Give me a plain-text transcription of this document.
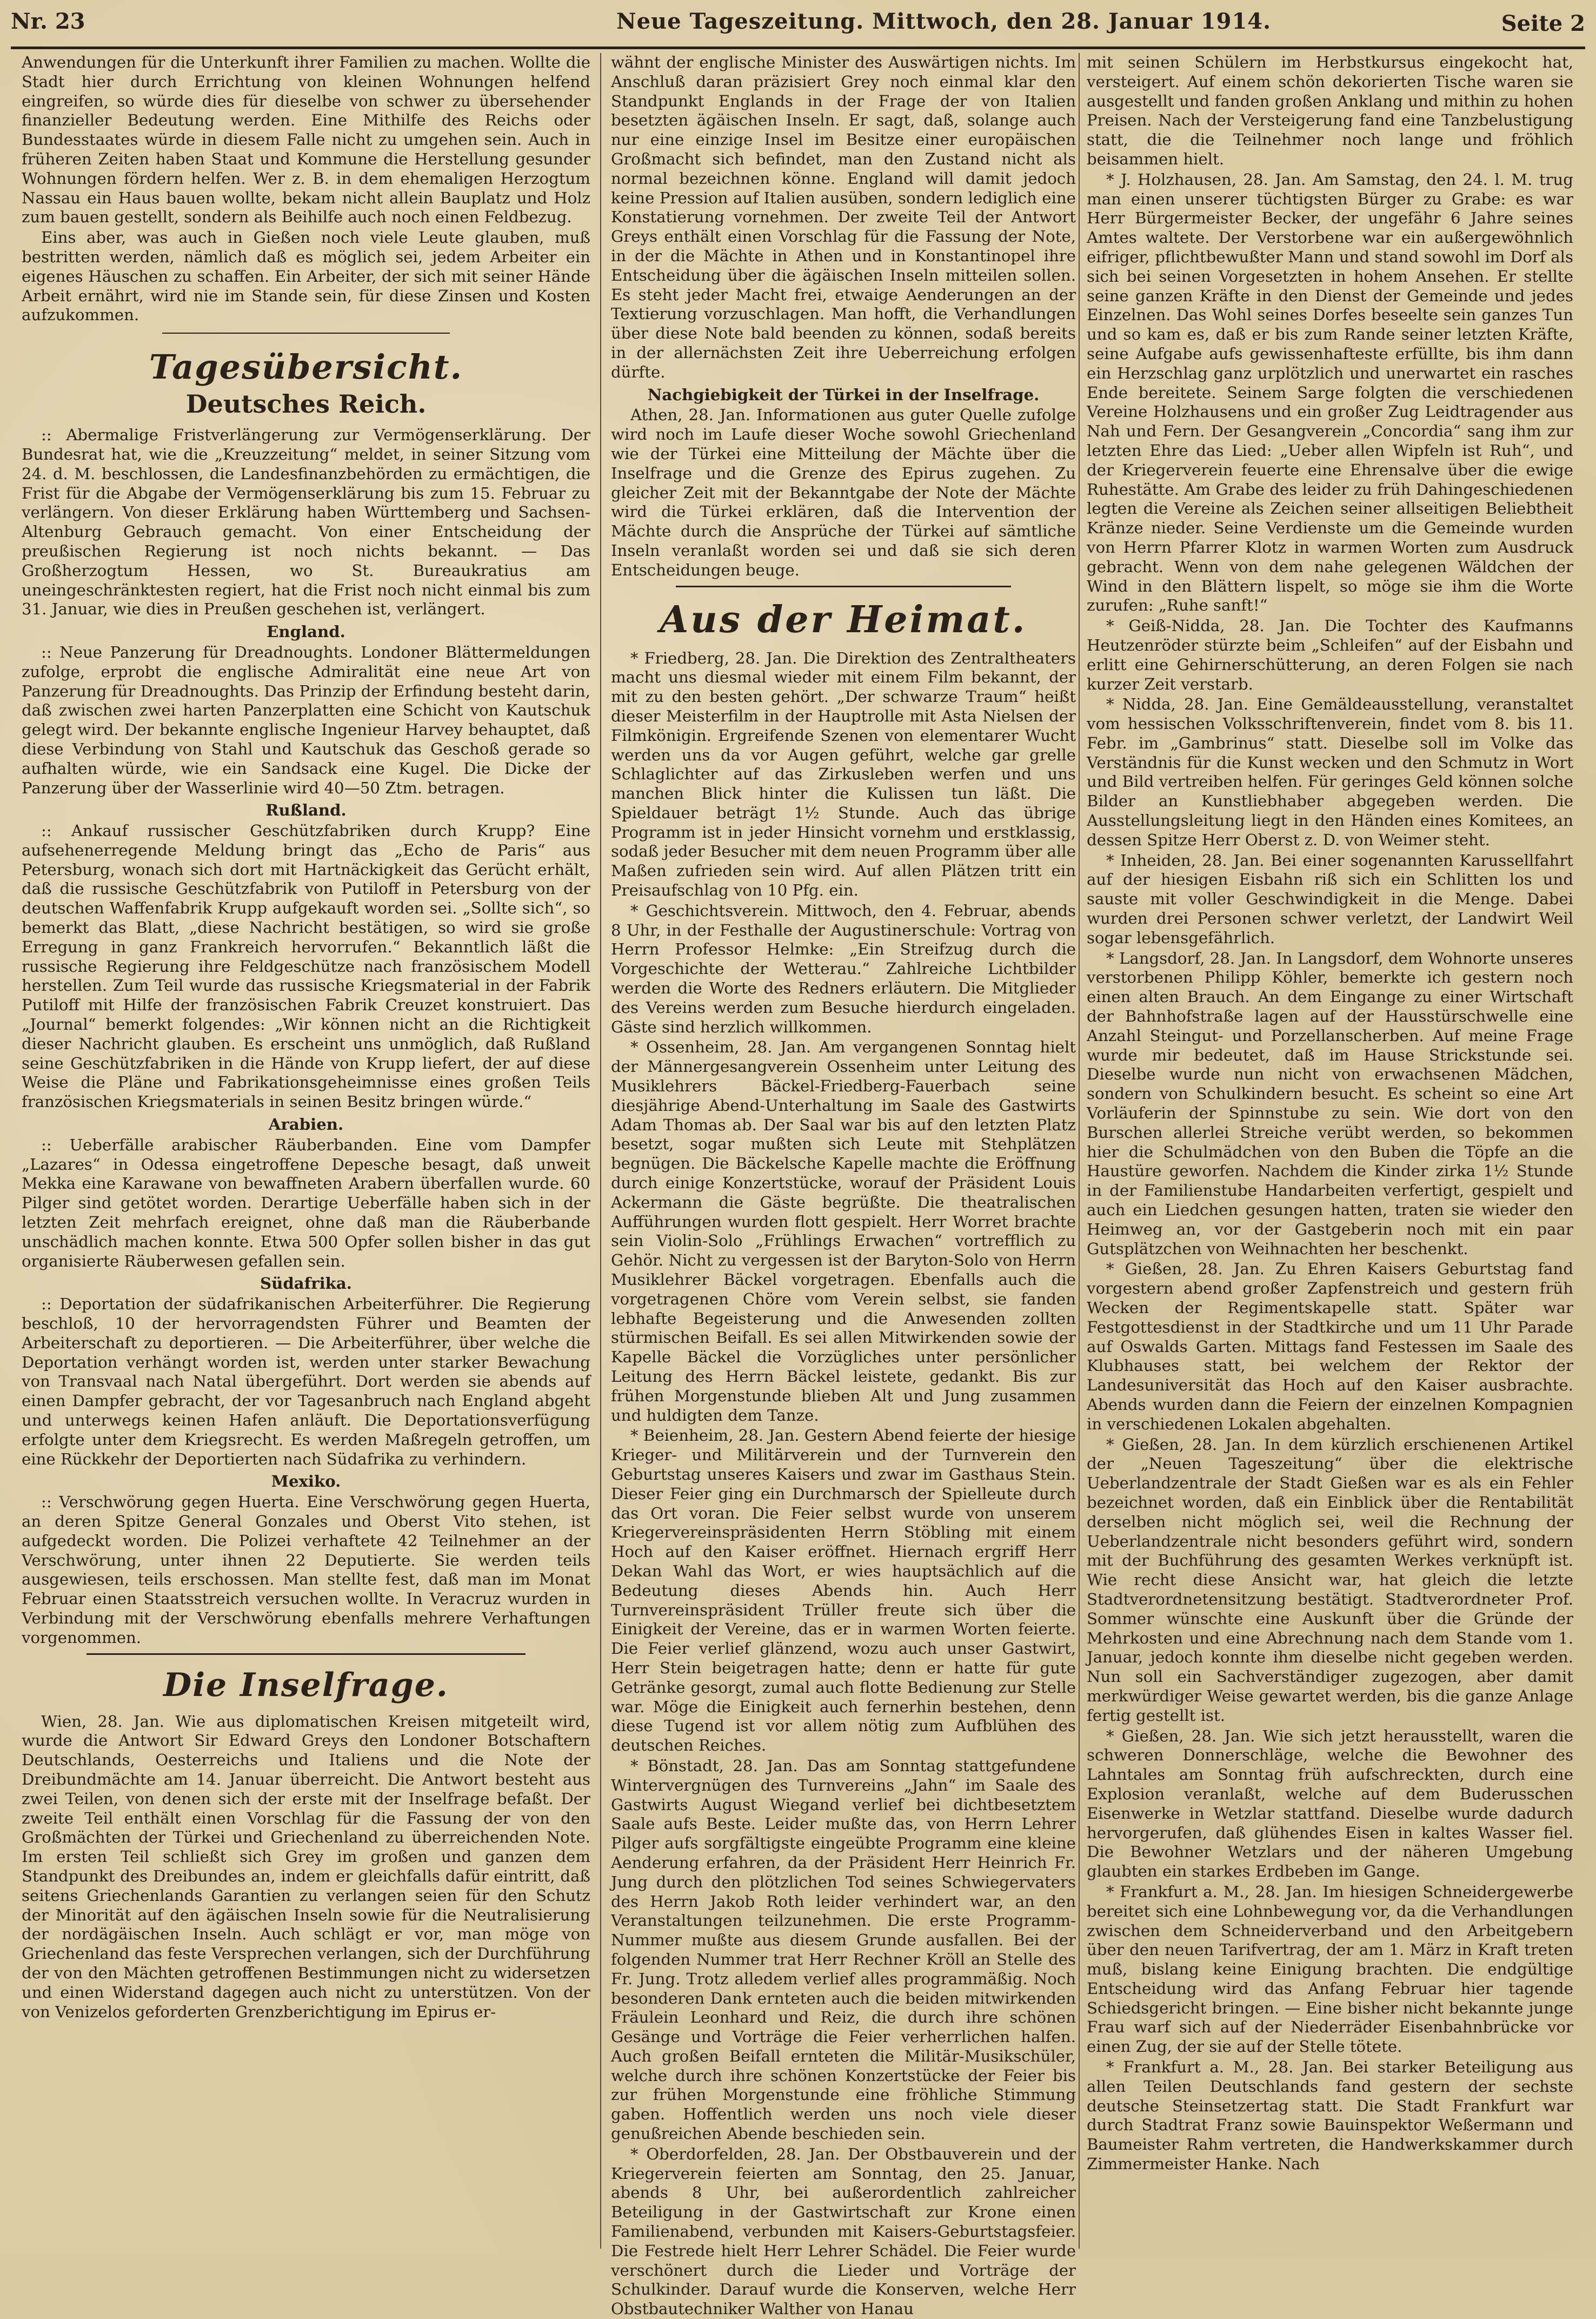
Nr. 23	Neue Tageszeitung. Mittwoch, den 28. Januar 1914.	Seite 2

Anwendungen für die Unterkunft ihrer Familien zu machen. Wollte die Stadt hier durch Errichtung von kleinen Wohnungen helfend eingreifen, so würde dies für dieselbe von schwer zu übersehender finanzieller Bedeutung werden. Eine Mithilfe des Reichs oder Bundesstaates würde in diesem Falle nicht zu umgehen sein. Auch in früheren Zeiten haben Staat und Kommune die Herstellung gesunder Wohnungen fördern helfen. Wer z. B. in dem ehemaligen Herzogtum Nassau ein Haus bauen wollte, bekam nicht allein Bauplatz und Holz zum bauen gestellt, sondern als Beihilfe auch noch einen Feldbezug.

Eins aber, was auch in Gießen noch viele Leute glauben, muß bestritten werden, nämlich daß es möglich sei, jedem Arbeiter ein eigenes Häuschen zu schaffen. Ein Arbeiter, der sich mit seiner Hände Arbeit ernährt, wird nie im Stande sein, für diese Zinsen und Kosten aufzukommen.

Tagesübersicht.
Deutsches Reich.

:: Abermalige Fristverlängerung zur Vermögenserklärung. Der Bundesrat hat, wie die „Kreuzzeitung“ meldet, in seiner Sitzung vom 24. d. M. beschlossen, die Landesfinanzbehörden zu ermächtigen, die Frist für die Abgabe der Vermögenserklärung bis zum 15. Februar zu verlängern. Von dieser Erklärung haben Württemberg und Sachsen-Altenburg Gebrauch gemacht. Von einer Entscheidung der preußischen Regierung ist noch nichts bekannt. — Das Großherzogtum Hessen, wo St. Bureaukratius am uneingeschränktesten regiert, hat die Frist noch nicht einmal bis zum 31. Januar, wie dies in Preußen geschehen ist, verlängert.

England.

:: Neue Panzerung für Dreadnoughts. Londoner Blättermeldungen zufolge, erprobt die englische Admiralität eine neue Art von Panzerung für Dreadnoughts. Das Prinzip der Erfindung besteht darin, daß zwischen zwei harten Panzerplatten eine Schicht von Kautschuk gelegt wird. Der bekannte englische Ingenieur Harvey behauptet, daß diese Verbindung von Stahl und Kautschuk das Geschoß gerade so aufhalten würde, wie ein Sandsack eine Kugel. Die Dicke der Panzerung über der Wasserlinie wird 40—50 Ztm. betragen.

Rußland.

:: Ankauf russischer Geschützfabriken durch Krupp? Eine aufsehenerregende Meldung bringt das „Echo de Paris“ aus Petersburg, wonach sich dort mit Hartnäckigkeit das Gerücht erhält, daß die russische Geschützfabrik von Putiloff in Petersburg von der deutschen Waffenfabrik Krupp aufgekauft worden sei. „Sollte sich“, so bemerkt das Blatt, „diese Nachricht bestätigen, so wird sie große Erregung in ganz Frankreich hervorrufen.“ Bekanntlich läßt die russische Regierung ihre Feldgeschütze nach französischem Modell herstellen. Zum Teil wurde das russische Kriegsmaterial in der Fabrik Putiloff mit Hilfe der französischen Fabrik Creuzet konstruiert. Das „Journal“ bemerkt folgendes: „Wir können nicht an die Richtigkeit dieser Nachricht glauben. Es erscheint uns unmöglich, daß Rußland seine Geschützfabriken in die Hände von Krupp liefert, der auf diese Weise die Pläne und Fabrikationsgeheimnisse eines großen Teils französischen Kriegsmaterials in seinen Besitz bringen würde.“

Arabien.

:: Ueberfälle arabischer Räuberbanden. Eine vom Dampfer „Lazares“ in Odessa eingetroffene Depesche besagt, daß unweit Mekka eine Karawane von bewaffneten Arabern überfallen wurde. 60 Pilger sind getötet worden. Derartige Ueberfälle haben sich in der letzten Zeit mehrfach ereignet, ohne daß man die Räuberbande unschädlich machen konnte. Etwa 500 Opfer sollen bisher in das gut organisierte Räuberwesen gefallen sein.

Südafrika.

:: Deportation der südafrikanischen Arbeiterführer. Die Regierung beschloß, 10 der hervorragendsten Führer und Beamten der Arbeiterschaft zu deportieren. — Die Arbeiterführer, über welche die Deportation verhängt worden ist, werden unter starker Bewachung von Transvaal nach Natal übergeführt. Dort werden sie abends auf einen Dampfer gebracht, der vor Tagesanbruch nach England abgeht und unterwegs keinen Hafen anläuft. Die Deportationsverfügung erfolgte unter dem Kriegsrecht. Es werden Maßregeln getroffen, um eine Rückkehr der Deportierten nach Südafrika zu verhindern.

Mexiko.

:: Verschwörung gegen Huerta. Eine Verschwörung gegen Huerta, an deren Spitze General Gonzales und Oberst Vito stehen, ist aufgedeckt worden. Die Polizei verhaftete 42 Teilnehmer an der Verschwörung, unter ihnen 22 Deputierte. Sie werden teils ausgewiesen, teils erschossen. Man stellte fest, daß man im Monat Februar einen Staatsstreich versuchen wollte. In Veracruz wurden in Verbindung mit der Verschwörung ebenfalls mehrere Verhaftungen vorgenommen.

Die Inselfrage.

Wien, 28. Jan. Wie aus diplomatischen Kreisen mitgeteilt wird, wurde die Antwort Sir Edward Greys den Londoner Botschaftern Deutschlands, Oesterreichs und Italiens und die Note der Dreibundmächte am 14. Januar überreicht. Die Antwort besteht aus zwei Teilen, von denen sich der erste mit der Inselfrage befaßt. Der zweite Teil enthält einen Vorschlag für die Fassung der von den Großmächten der Türkei und Griechenland zu überreichenden Note. Im ersten Teil schließt sich Grey im großen und ganzen dem Standpunkt des Dreibundes an, indem er gleichfalls dafür eintritt, daß seitens Griechenlands Garantien zu verlangen seien für den Schutz der Minorität auf den ägäischen Inseln sowie für die Neutralisierung der nordägäischen Inseln. Auch schlägt er vor, man möge von Griechenland das feste Versprechen verlangen, sich der Durchführung der von den Mächten getroffenen Bestimmungen nicht zu widersetzen und einen Widerstand dagegen auch nicht zu unterstützen. Von der von Venizelos geforderten Grenzberichtigung im Epirus er-

wähnt der englische Minister des Auswärtigen nichts. Im Anschluß daran präzisiert Grey noch einmal klar den Standpunkt Englands in der Frage der von Italien besetzten ägäischen Inseln. Er sagt, daß, solange auch nur eine einzige Insel im Besitze einer europäischen Großmacht sich befindet, man den Zustand nicht als normal bezeichnen könne. England will damit jedoch keine Pression auf Italien ausüben, sondern lediglich eine Konstatierung vornehmen. Der zweite Teil der Antwort Greys enthält einen Vorschlag für die Fassung der Note, in der die Mächte in Athen und in Konstantinopel ihre Entscheidung über die ägäischen Inseln mitteilen sollen. Es steht jeder Macht frei, etwaige Aenderungen an der Textierung vorzuschlagen. Man hofft, die Verhandlungen über diese Note bald beenden zu können, sodaß bereits in der allernächsten Zeit ihre Ueberreichung erfolgen dürfte.

Nachgiebigkeit der Türkei in der Inselfrage.

Athen, 28. Jan. Informationen aus guter Quelle zufolge wird noch im Laufe dieser Woche sowohl Griechenland wie der Türkei eine Mitteilung der Mächte über die Inselfrage und die Grenze des Epirus zugehen. Zu gleicher Zeit mit der Bekanntgabe der Note der Mächte wird die Türkei erklären, daß die Intervention der Mächte durch die Ansprüche der Türkei auf sämtliche Inseln veranlaßt worden sei und daß sie sich deren Entscheidungen beuge.

Aus der Heimat.

* Friedberg, 28. Jan. Die Direktion des Zentraltheaters macht uns diesmal wieder mit einem Film bekannt, der mit zu den besten gehört. „Der schwarze Traum“ heißt dieser Meisterfilm in der Hauptrolle mit Asta Nielsen der Filmkönigin. Ergreifende Szenen von elementarer Wucht werden uns da vor Augen geführt, welche gar grelle Schlaglichter auf das Zirkusleben werfen und uns manchen Blick hinter die Kulissen tun läßt. Die Spieldauer beträgt 1½ Stunde. Auch das übrige Programm ist in jeder Hinsicht vornehm und erstklassig, sodaß jeder Besucher mit dem neuen Programm über alle Maßen zufrieden sein wird. Auf allen Plätzen tritt ein Preisaufschlag von 10 Pfg. ein.

* Geschichtsverein. Mittwoch, den 4. Februar, abends 8 Uhr, in der Festhalle der Augustinerschule: Vortrag von Herrn Professor Helmke: „Ein Streifzug durch die Vorgeschichte der Wetterau.“ Zahlreiche Lichtbilder werden die Worte des Redners erläutern. Die Mitglieder des Vereins werden zum Besuche hierdurch eingeladen. Gäste sind herzlich willkommen.

* Ossenheim, 28. Jan. Am vergangenen Sonntag hielt der Männergesangverein Ossenheim unter Leitung des Musiklehrers Bäckel-Friedberg-Fauerbach seine diesjährige Abend-Unterhaltung im Saale des Gastwirts Adam Thomas ab. Der Saal war bis auf den letzten Platz besetzt, sogar mußten sich Leute mit Stehplätzen begnügen. Die Bäckelsche Kapelle machte die Eröffnung durch einige Konzertstücke, worauf der Präsident Louis Ackermann die Gäste begrüßte. Die theatralischen Aufführungen wurden flott gespielt. Herr Worret brachte sein Violin-Solo „Frühlings Erwachen“ vortrefflich zu Gehör. Nicht zu vergessen ist der Baryton-Solo von Herrn Musiklehrer Bäckel vorgetragen. Ebenfalls auch die vorgetragenen Chöre vom Verein selbst, sie fanden lebhafte Begeisterung und die Anwesenden zollten stürmischen Beifall. Es sei allen Mitwirkenden sowie der Kapelle Bäckel die Vorzügliches unter persönlicher Leitung des Herrn Bäckel leistete, gedankt. Bis zur frühen Morgenstunde blieben Alt und Jung zusammen und huldigten dem Tanze.

* Beienheim, 28. Jan. Gestern Abend feierte der hiesige Krieger- und Militärverein und der Turnverein den Geburtstag unseres Kaisers und zwar im Gasthaus Stein. Dieser Feier ging ein Durchmarsch der Spielleute durch das Ort voran. Die Feier selbst wurde von unserem Kriegervereinspräsidenten Herrn Stöbling mit einem Hoch auf den Kaiser eröffnet. Hiernach ergriff Herr Dekan Wahl das Wort, er wies hauptsächlich auf die Bedeutung dieses Abends hin. Auch Herr Turnvereinspräsident Trüller freute sich über die Einigkeit der Vereine, das er in warmen Worten feierte. Die Feier verlief glänzend, wozu auch unser Gastwirt, Herr Stein beigetragen hatte; denn er hatte für gute Getränke gesorgt, zumal auch flotte Bedienung zur Stelle war. Möge die Einigkeit auch fernerhin bestehen, denn diese Tugend ist vor allem nötig zum Aufblühen des deutschen Reiches.

* Bönstadt, 28. Jan. Das am Sonntag stattgefundene Wintervergnügen des Turnvereins „Jahn“ im Saale des Gastwirts August Wiegand verlief bei dichtbesetztem Saale aufs Beste. Leider mußte das, von Herrn Lehrer Pilger aufs sorgfältigste eingeübte Programm eine kleine Aenderung erfahren, da der Präsident Herr Heinrich Fr. Jung durch den plötzlichen Tod seines Schwiegervaters des Herrn Jakob Roth leider verhindert war, an den Veranstaltungen teilzunehmen. Die erste Programm-Nummer mußte aus diesem Grunde ausfallen. Bei der folgenden Nummer trat Herr Rechner Kröll an Stelle des Fr. Jung. Trotz alledem verlief alles programmäßig. Noch besonderen Dank ernteten auch die beiden mitwirkenden Fräulein Leonhard und Reiz, die durch ihre schönen Gesänge und Vorträge die Feier verherrlichen halfen. Auch großen Beifall ernteten die Militär-Musikschüler, welche durch ihre schönen Konzertstücke der Feier bis zur frühen Morgenstunde eine fröhliche Stimmung gaben. Hoffentlich werden uns noch viele dieser genußreichen Abende beschieden sein.

* Oberdorfelden, 28. Jan. Der Obstbauverein und der Kriegerverein feierten am Sonntag, den 25. Januar, abends 8 Uhr, bei außerordentlich zahlreicher Beteiligung in der Gastwirtschaft zur Krone einen Familienabend, verbunden mit Kaisers-Geburtstagsfeier. Die Festrede hielt Herr Lehrer Schädel. Die Feier wurde verschönert durch die Lieder und Vorträge der Schulkinder. Darauf wurde die Konserven, welche Herr Obstbautechniker Walther von Hanau

mit seinen Schülern im Herbstkursus eingekocht hat, versteigert. Auf einem schön dekorierten Tische waren sie ausgestellt und fanden großen Anklang und mithin zu hohen Preisen. Nach der Versteigerung fand eine Tanzbelustigung statt, die die Teilnehmer noch lange und fröhlich beisammen hielt.

* J. Holzhausen, 28. Jan. Am Samstag, den 24. l. M. trug man einen unserer tüchtigsten Bürger zu Grabe: es war Herr Bürgermeister Becker, der ungefähr 6 Jahre seines Amtes waltete. Der Verstorbene war ein außergewöhnlich eifriger, pflichtbewußter Mann und stand sowohl im Dorf als sich bei seinen Vorgesetzten in hohem Ansehen. Er stellte seine ganzen Kräfte in den Dienst der Gemeinde und jedes Einzelnen. Das Wohl seines Dorfes beseelte sein ganzes Tun und so kam es, daß er bis zum Rande seiner letzten Kräfte, seine Aufgabe aufs gewissenhafteste erfüllte, bis ihm dann ein Herzschlag ganz urplötzlich und unerwartet ein rasches Ende bereitete. Seinem Sarge folgten die verschiedenen Vereine Holzhausens und ein großer Zug Leidtragender aus Nah und Fern. Der Gesangverein „Concordia“ sang ihm zur letzten Ehre das Lied: „Ueber allen Wipfeln ist Ruh“, und der Kriegerverein feuerte eine Ehrensalve über die ewige Ruhestätte. Am Grabe des leider zu früh Dahingeschiedenen legten die Vereine als Zeichen seiner allseitigen Beliebtheit Kränze nieder. Seine Verdienste um die Gemeinde wurden von Herrn Pfarrer Klotz in warmen Worten zum Ausdruck gebracht. Wenn von dem nahe gelegenen Wäldchen der Wind in den Blättern lispelt, so möge sie ihm die Worte zurufen: „Ruhe sanft!“

* Geiß-Nidda, 28. Jan. Die Tochter des Kaufmanns Heutzenröder stürzte beim „Schleifen“ auf der Eisbahn und erlitt eine Gehirnerschütterung, an deren Folgen sie nach kurzer Zeit verstarb.

* Nidda, 28. Jan. Eine Gemäldeausstellung, veranstaltet vom hessischen Volksschriftenverein, findet vom 8. bis 11. Febr. im „Gambrinus“ statt. Dieselbe soll im Volke das Verständnis für die Kunst wecken und den Schmutz in Wort und Bild vertreiben helfen. Für geringes Geld können solche Bilder an Kunstliebhaber abgegeben werden. Die Ausstellungsleitung liegt in den Händen eines Komitees, an dessen Spitze Herr Oberst z. D. von Weimer steht.

* Inheiden, 28. Jan. Bei einer sogenannten Karussellfahrt auf der hiesigen Eisbahn riß sich ein Schlitten los und sauste mit voller Geschwindigkeit in die Menge. Dabei wurden drei Personen schwer verletzt, der Landwirt Weil sogar lebensgefährlich.

* Langsdorf, 28. Jan. In Langsdorf, dem Wohnorte unseres verstorbenen Philipp Köhler, bemerkte ich gestern noch einen alten Brauch. An dem Eingange zu einer Wirtschaft der Bahnhofstraße lagen auf der Hausstürschwelle eine Anzahl Steingut- und Porzellanscherben. Auf meine Frage wurde mir bedeutet, daß im Hause Strickstunde sei. Dieselbe wurde nun nicht von erwachsenen Mädchen, sondern von Schulkindern besucht. Es scheint so eine Art Vorläuferin der Spinnstube zu sein. Wie dort von den Burschen allerlei Streiche verübt werden, so bekommen hier die Schulmädchen von den Buben die Töpfe an die Haustüre geworfen. Nachdem die Kinder zirka 1½ Stunde in der Familienstube Handarbeiten verfertigt, gespielt und auch ein Liedchen gesungen hatten, traten sie wieder den Heimweg an, vor der Gastgeberin noch mit ein paar Gutsplätzchen von Weihnachten her beschenkt.

* Gießen, 28. Jan. Zu Ehren Kaisers Geburtstag fand vorgestern abend großer Zapfenstreich und gestern früh Wecken der Regimentskapelle statt. Später war Festgottesdienst in der Stadtkirche und um 11 Uhr Parade auf Oswalds Garten. Mittags fand Festessen im Saale des Klubhauses statt, bei welchem der Rektor der Landesuniversität das Hoch auf den Kaiser ausbrachte. Abends wurden dann die Feiern der einzelnen Kompagnien in verschiedenen Lokalen abgehalten.

* Gießen, 28. Jan. In dem kürzlich erschienenen Artikel der „Neuen Tageszeitung“ über die elektrische Ueberlandzentrale der Stadt Gießen war es als ein Fehler bezeichnet worden, daß ein Einblick über die Rentabilität derselben nicht möglich sei, weil die Rechnung der Ueberlandzentrale nicht besonders geführt wird, sondern mit der Buchführung des gesamten Werkes verknüpft ist. Wie recht diese Ansicht war, hat gleich die letzte Stadtverordnetensitzung bestätigt. Stadtverordneter Prof. Sommer wünschte eine Auskunft über die Gründe der Mehrkosten und eine Abrechnung nach dem Stande vom 1. Januar, jedoch konnte ihm dieselbe nicht gegeben werden. Nun soll ein Sachverständiger zugezogen, aber damit merkwürdiger Weise gewartet werden, bis die ganze Anlage fertig gestellt ist.

* Gießen, 28. Jan. Wie sich jetzt herausstellt, waren die schweren Donnerschläge, welche die Bewohner des Lahntales am Sonntag früh aufschreckten, durch eine Explosion veranlaßt, welche auf dem Buderusschen Eisenwerke in Wetzlar stattfand. Dieselbe wurde dadurch hervorgerufen, daß glühendes Eisen in kaltes Wasser fiel. Die Bewohner Wetzlars und der näheren Umgebung glaubten ein starkes Erdbeben im Gange.

* Frankfurt a. M., 28. Jan. Im hiesigen Schneidergewerbe bereitet sich eine Lohnbewegung vor, da die Verhandlungen zwischen dem Schneiderverband und den Arbeitgebern über den neuen Tarifvertrag, der am 1. März in Kraft treten muß, bislang keine Einigung brachten. Die endgültige Entscheidung wird das Anfang Februar hier tagende Schiedsgericht bringen. — Eine bisher nicht bekannte junge Frau warf sich auf der Niederräder Eisenbahnbrücke vor einen Zug, der sie auf der Stelle tötete.

* Frankfurt a. M., 28. Jan. Bei starker Beteiligung aus allen Teilen Deutschlands fand gestern der sechste deutsche Steinsetzertag statt. Die Stadt Frankfurt war durch Stadtrat Franz sowie Bauinspektor Weßermann und Baumeister Rahm vertreten, die Handwerkskammer durch Zimmermeister Hanke. Nach
